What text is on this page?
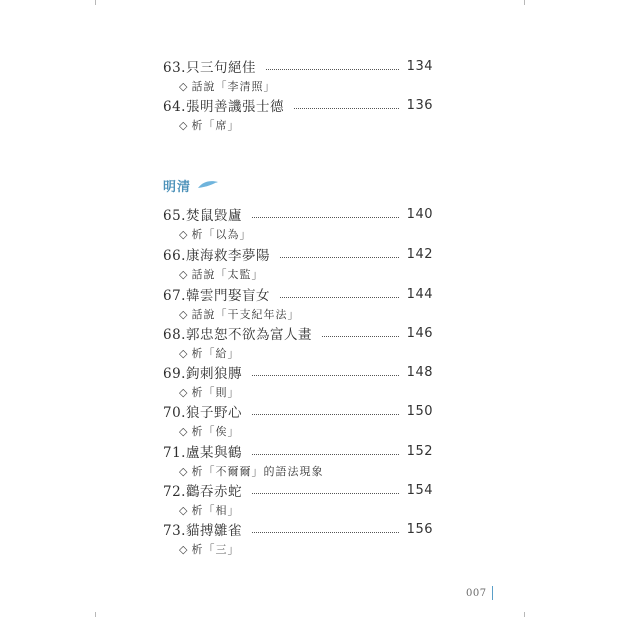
63.只三句絕佳	134
◇ 話說「李清照」
64.張明善譏張士德	136
◇ 析「席」
明清
65.焚鼠毀廬	140
◇ 析「以為」
66.康海救李夢陽	142
◇ 話說「太監」
67.韓雲門娶盲女	144
◇ 話說「干支紀年法」
68.郭忠恕不欲為富人畫	146
◇ 析「給」
69.鉤刺狼膞	148
◇ 析「則」
70.狼子野心	150
◇ 析「俟」
71.盧某與鶴	152
◇ 析「不爾爾」的語法現象
72.鸛吞赤蛇	154
◇ 析「相」
73.貓搏雛雀	156
◇ 析「三」
007
